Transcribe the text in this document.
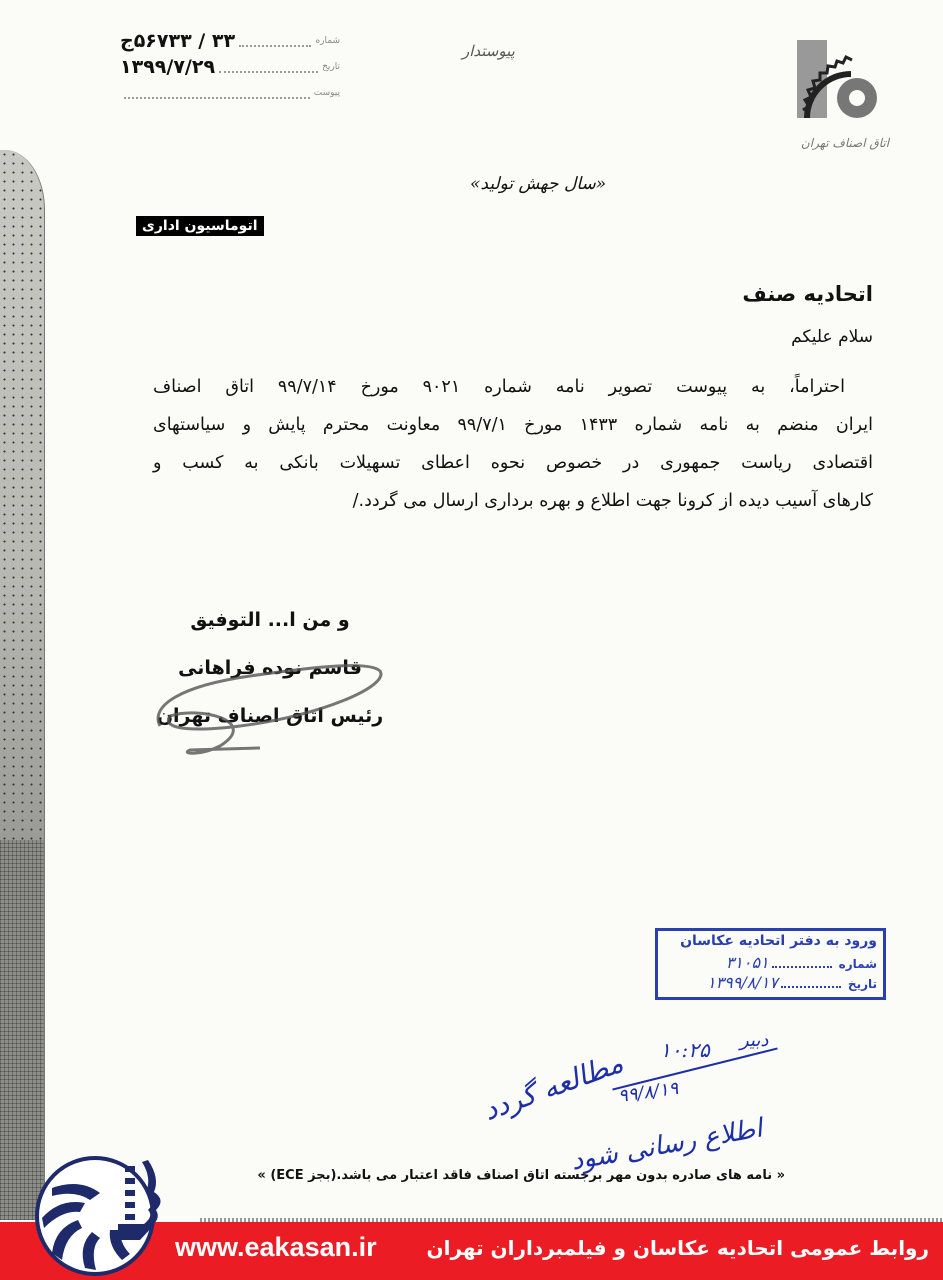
۳۳ / ۵۶۷۳۳ج	شماره
۱۳۹۹/۷/۲۹	تاریخ
پیوست
پیوستدار
اتاق اصناف تهران
«سال جهش تولید»
اتوماسیون اداری
اتحادیه صنف
سلام علیکم
احتراماً، به پیوست تصویر نامه شماره ۹۰۲۱ مورخ ۹۹/۷/۱۴ اتاق اصناف
ایران منضم به نامه شماره ۱۴۳۳ مورخ ۹۹/۷/۱ معاونت محترم پایش و سیاستهای
اقتصادی ریاست جمهوری در خصوص نحوه اعطای تسهیلات بانکی به کسب و
کارهای آسیب دیده از کرونا جهت اطلاع و بهره برداری ارسال می گردد./
و من ا... التوفیق
قاسم نوده فراهانی
رئیس اتاق اصناف تهران
ورود به دفتر اتحادیه عکاسان
شماره
۳۱۰۵۱
تاریخ
۱۳۹۹/۸/۱۷
۱۰:۲۵ دبیر
۹۹/۸/۱۹
مطالعه گردد
اطلاع رسانی شود
« نامه های صادره بدون مهر برجسته اتاق اصناف فاقد اعتبار می باشد.(بجز ECE) »
www.eakasan.ir روابط عمومی اتحادیه عکاسان و فیلمبرداران تهران
